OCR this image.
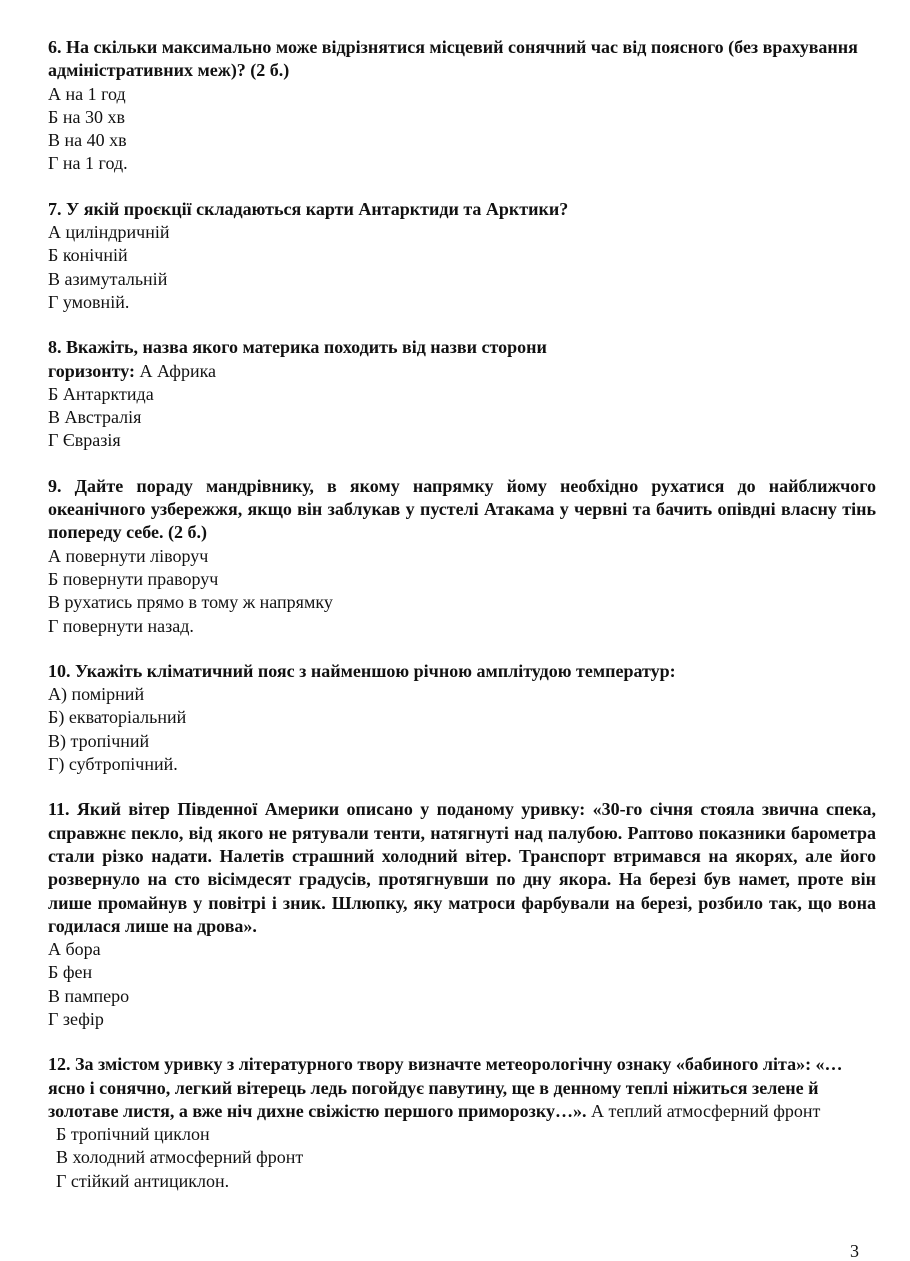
6. На скільки максимально може відрізнятися місцевий сонячний час від поясного (без врахування адміністративних меж)? (2 б.)

А на 1 год

Б на 30 хв

В на 40 хв

Г на 1 год.

7. У якій проєкції складаються карти Антарктиди та Арктики?

А циліндричній

Б конічній

В азимутальній

Г умовній.

8. Вкажіть, назва якого материка походить від назви сторони

горизонту: А Африка

Б Антарктида

В Австралія

Г Євразія

9. Дайте пораду мандрівнику, в якому напрямку йому необхідно рухатися до найближчого океанічного узбережжя, якщо він заблукав у пустелі Атакама у червні та бачить опівдні власну тінь попереду себе. (2 б.)

А повернути ліворуч

Б повернути праворуч

В рухатись прямо в тому ж напрямку

Г повернути назад.

10. Укажіть кліматичний пояс з найменшою річною амплітудою температур:

А) помірний

Б) екваторіальний

В) тропічний

Г) субтропічний.

11. Який вітер Південної Америки описано у поданому уривку: «30-го січня стояла звична спека, справжнє пекло, від якого не рятували тенти, натягнуті над палубою. Раптово показники барометра стали різко надати. Налетів страшний холодний вітер. Транспорт втримався на якорях, але його розвернуло на сто вісімдесят градусів, протягнувши по дну якора. На березі був намет, проте він лише промайнув у повітрі і зник. Шлюпку, яку матроси фарбували на березі, розбило так, що вона годилася лише на дрова».

А бора

Б фен

В памперо

Г зефір

12. За змістом уривку з літературного твору визначте метеорологічну ознаку «бабиного літа»: «…ясно і сонячно, легкий вітерець ледь погойдує павутину, ще в денному теплі ніжиться зелене й золотаве листя, а вже ніч дихне свіжістю першого приморозку…». А теплий атмосферний фронт

Б тропічний циклон

В холодний атмосферний фронт

Г стійкий антициклон.

3
